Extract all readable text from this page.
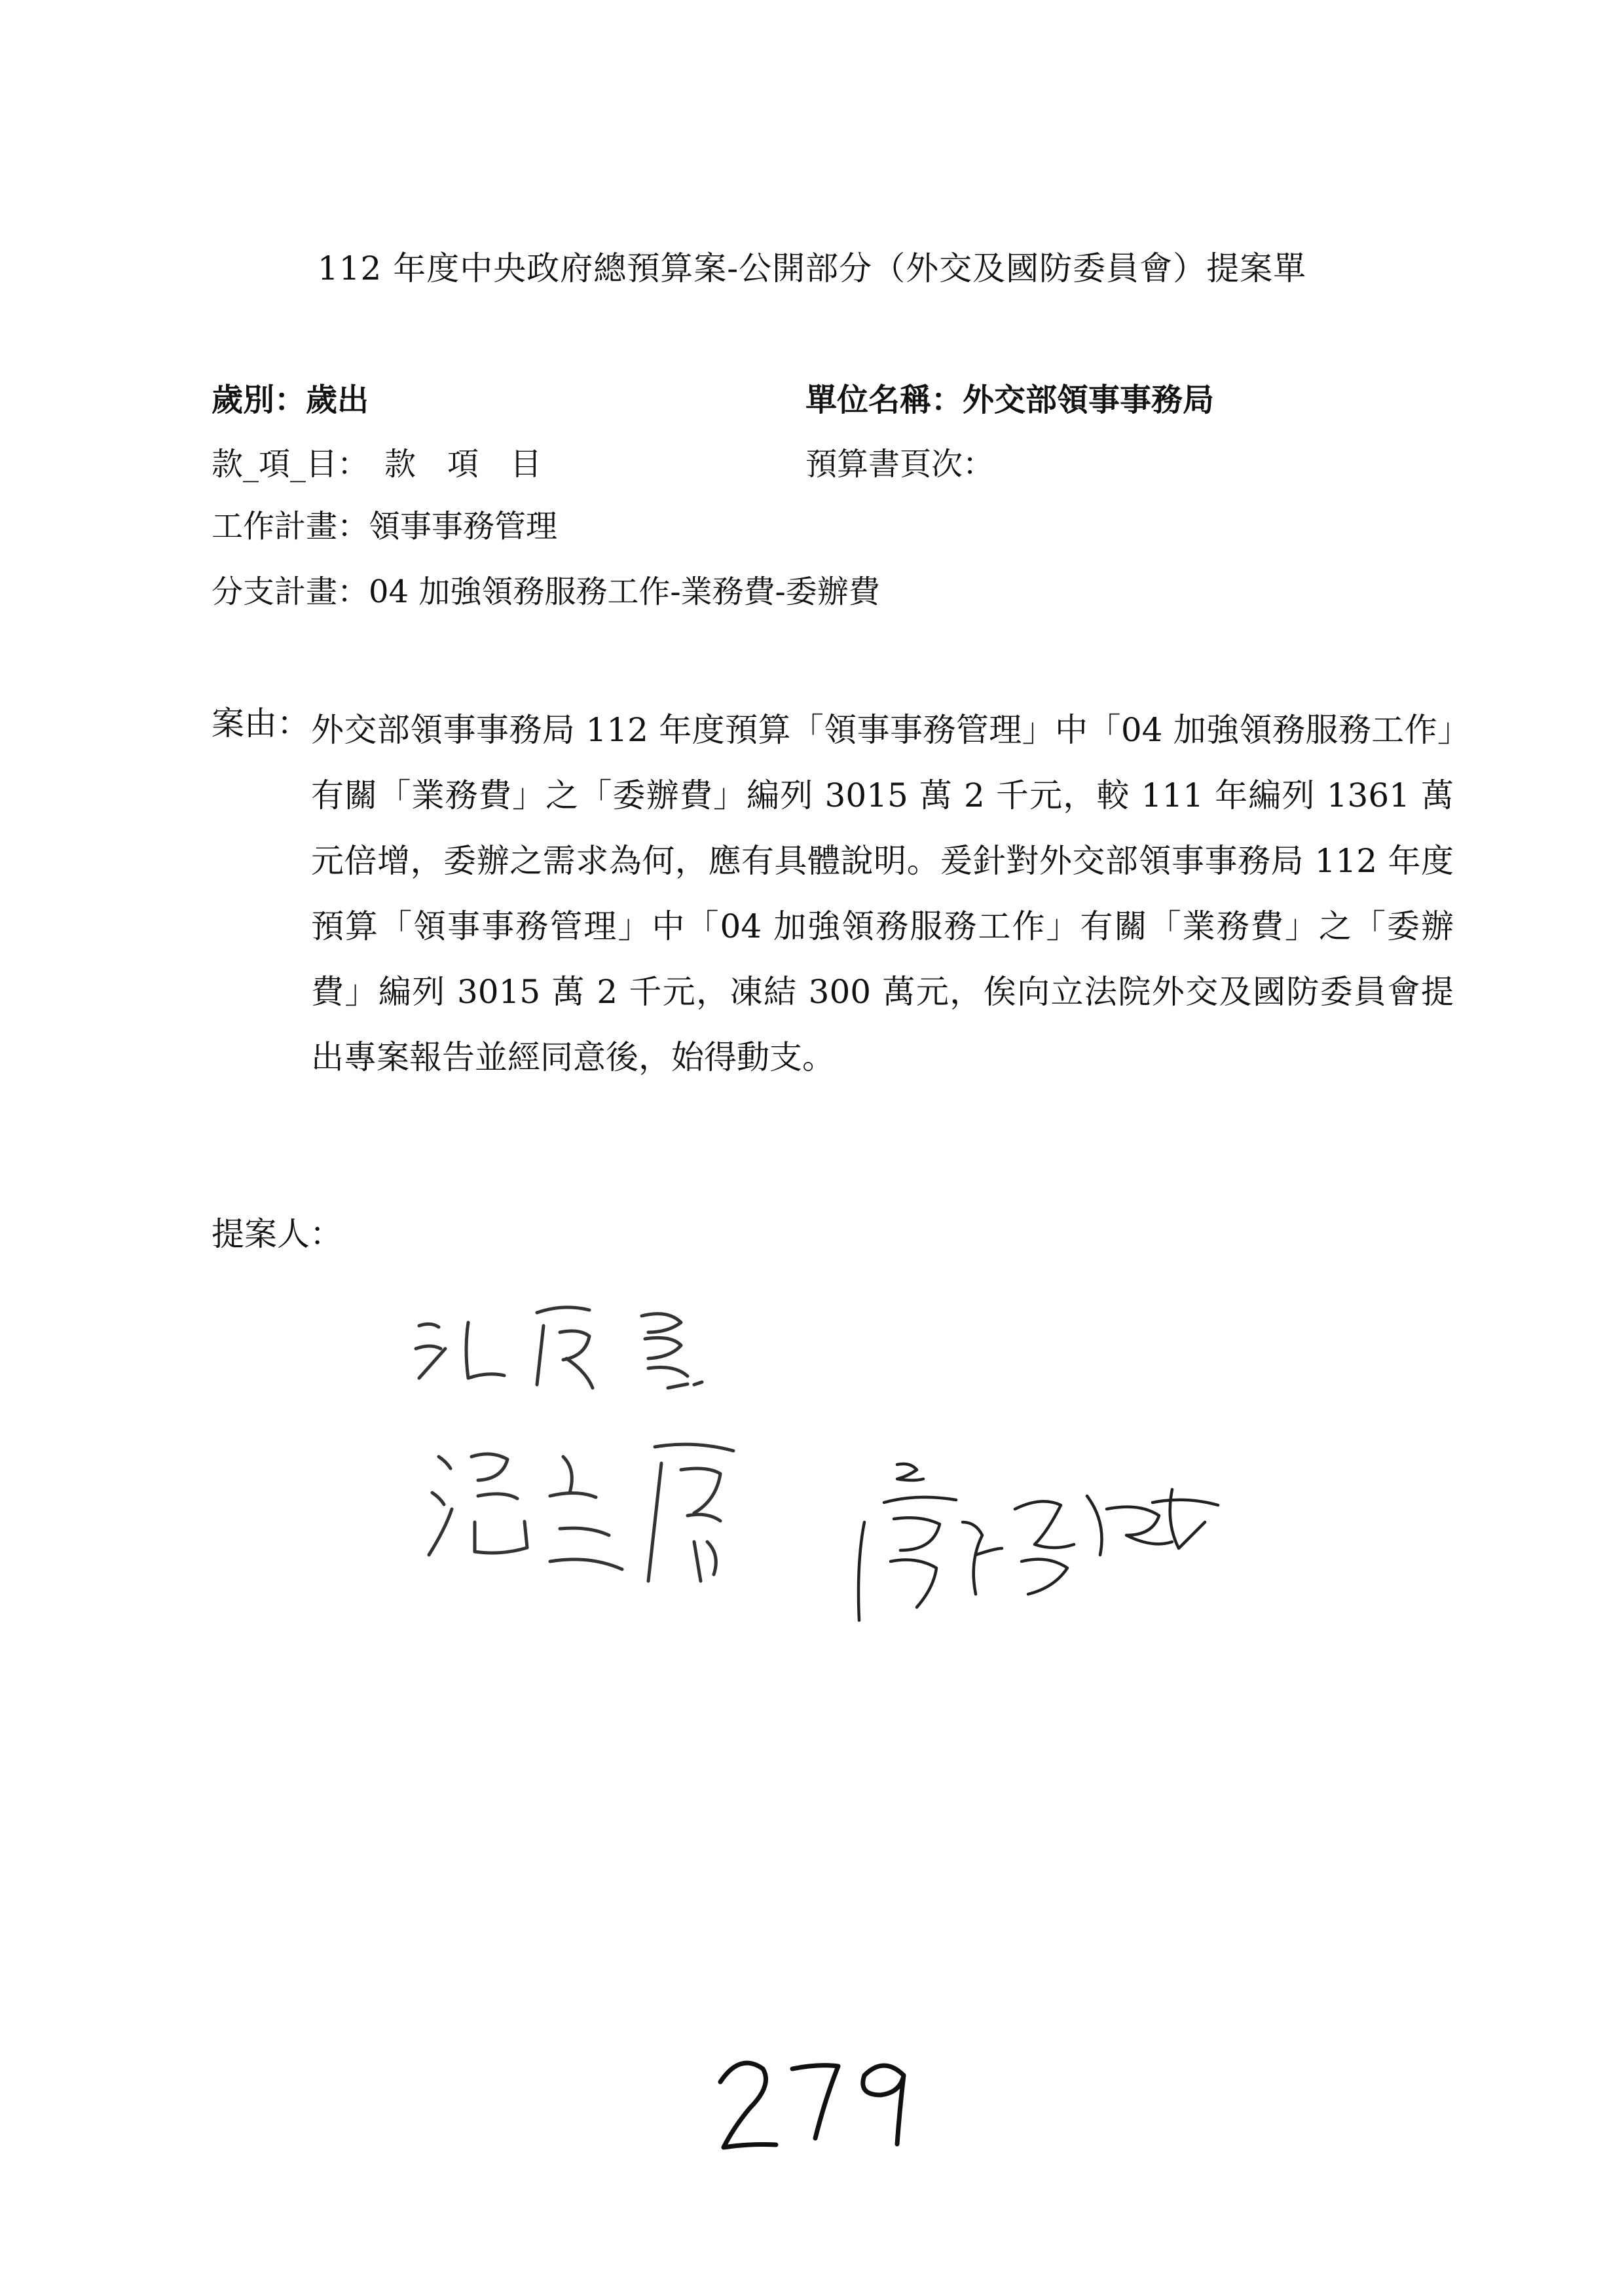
112 年度中央政府總預算案-公開部分（外交及國防委員會）提案單
歲別：歲出	單位名稱：外交部領事事務局
款_項_目：　款　項　目	預算書頁次：
工作計畫：領事事務管理
分支計畫：04 加強領務服務工作-業務費-委辦費
案由： 外交部領事事務局 112 年度預算「領事事務管理」中「04 加強領務服務工作」有關「業務費」之「委辦費」編列 3015 萬 2 千元，較 111 年編列 1361 萬元倍增，委辦之需求為何，應有具體說明。爰針對外交部領事事務局 112 年度預算「領事事務管理」中「04 加強領務服務工作」有關「業務費」之「委辦費」編列 3015 萬 2 千元，凍結 300 萬元，俟向立法院外交及國防委員會提出專案報告並經同意後，始得動支。
提案人：
